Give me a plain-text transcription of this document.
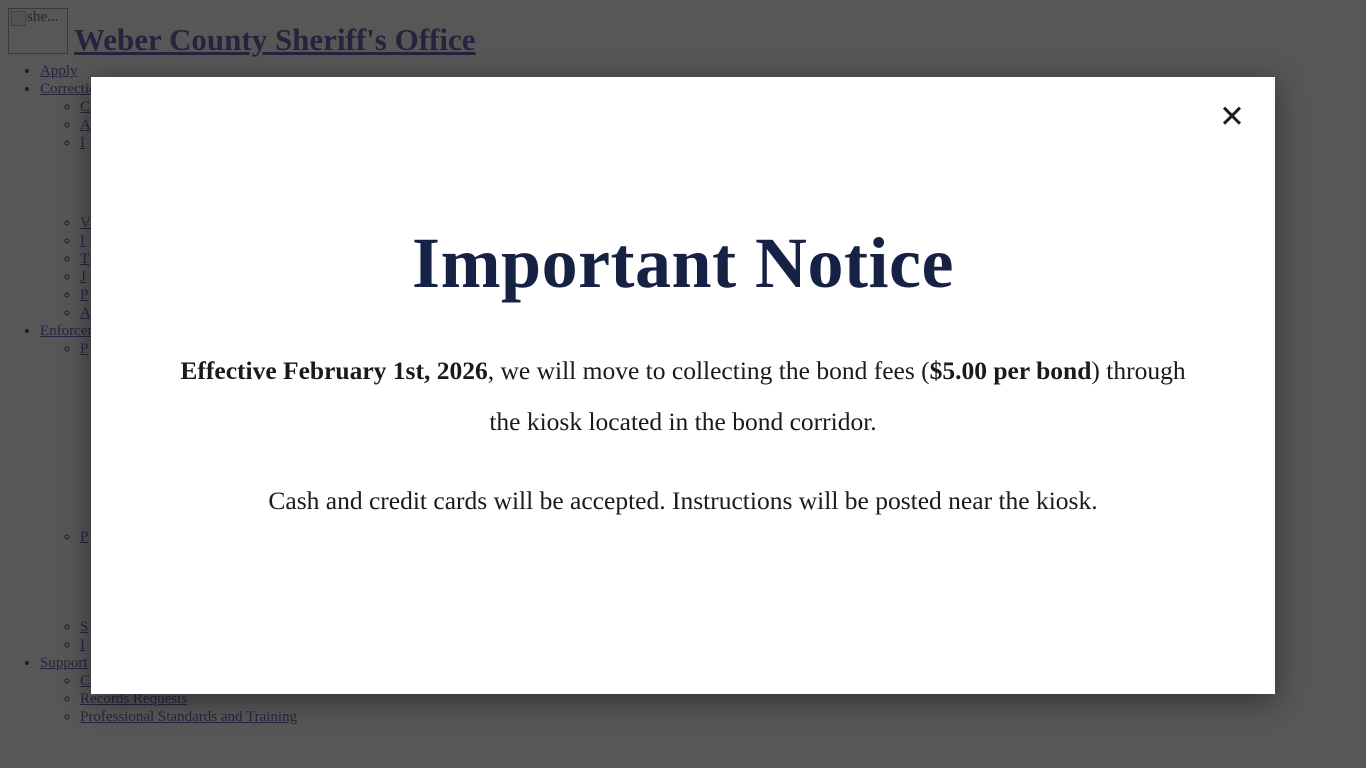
•
•
◦
◦
◦
◦
◦
◦
◦
◦
◦
•
◦
◦
◦
◦
•
◦
◦
◦
✕
Important Notice

Effective February 1st, 2026, we will move to collecting the bond fees ($5.00 per bond) through the kiosk located in the bond corridor.

Cash and credit cards will be accepted. Instructions will be posted near the kiosk.
